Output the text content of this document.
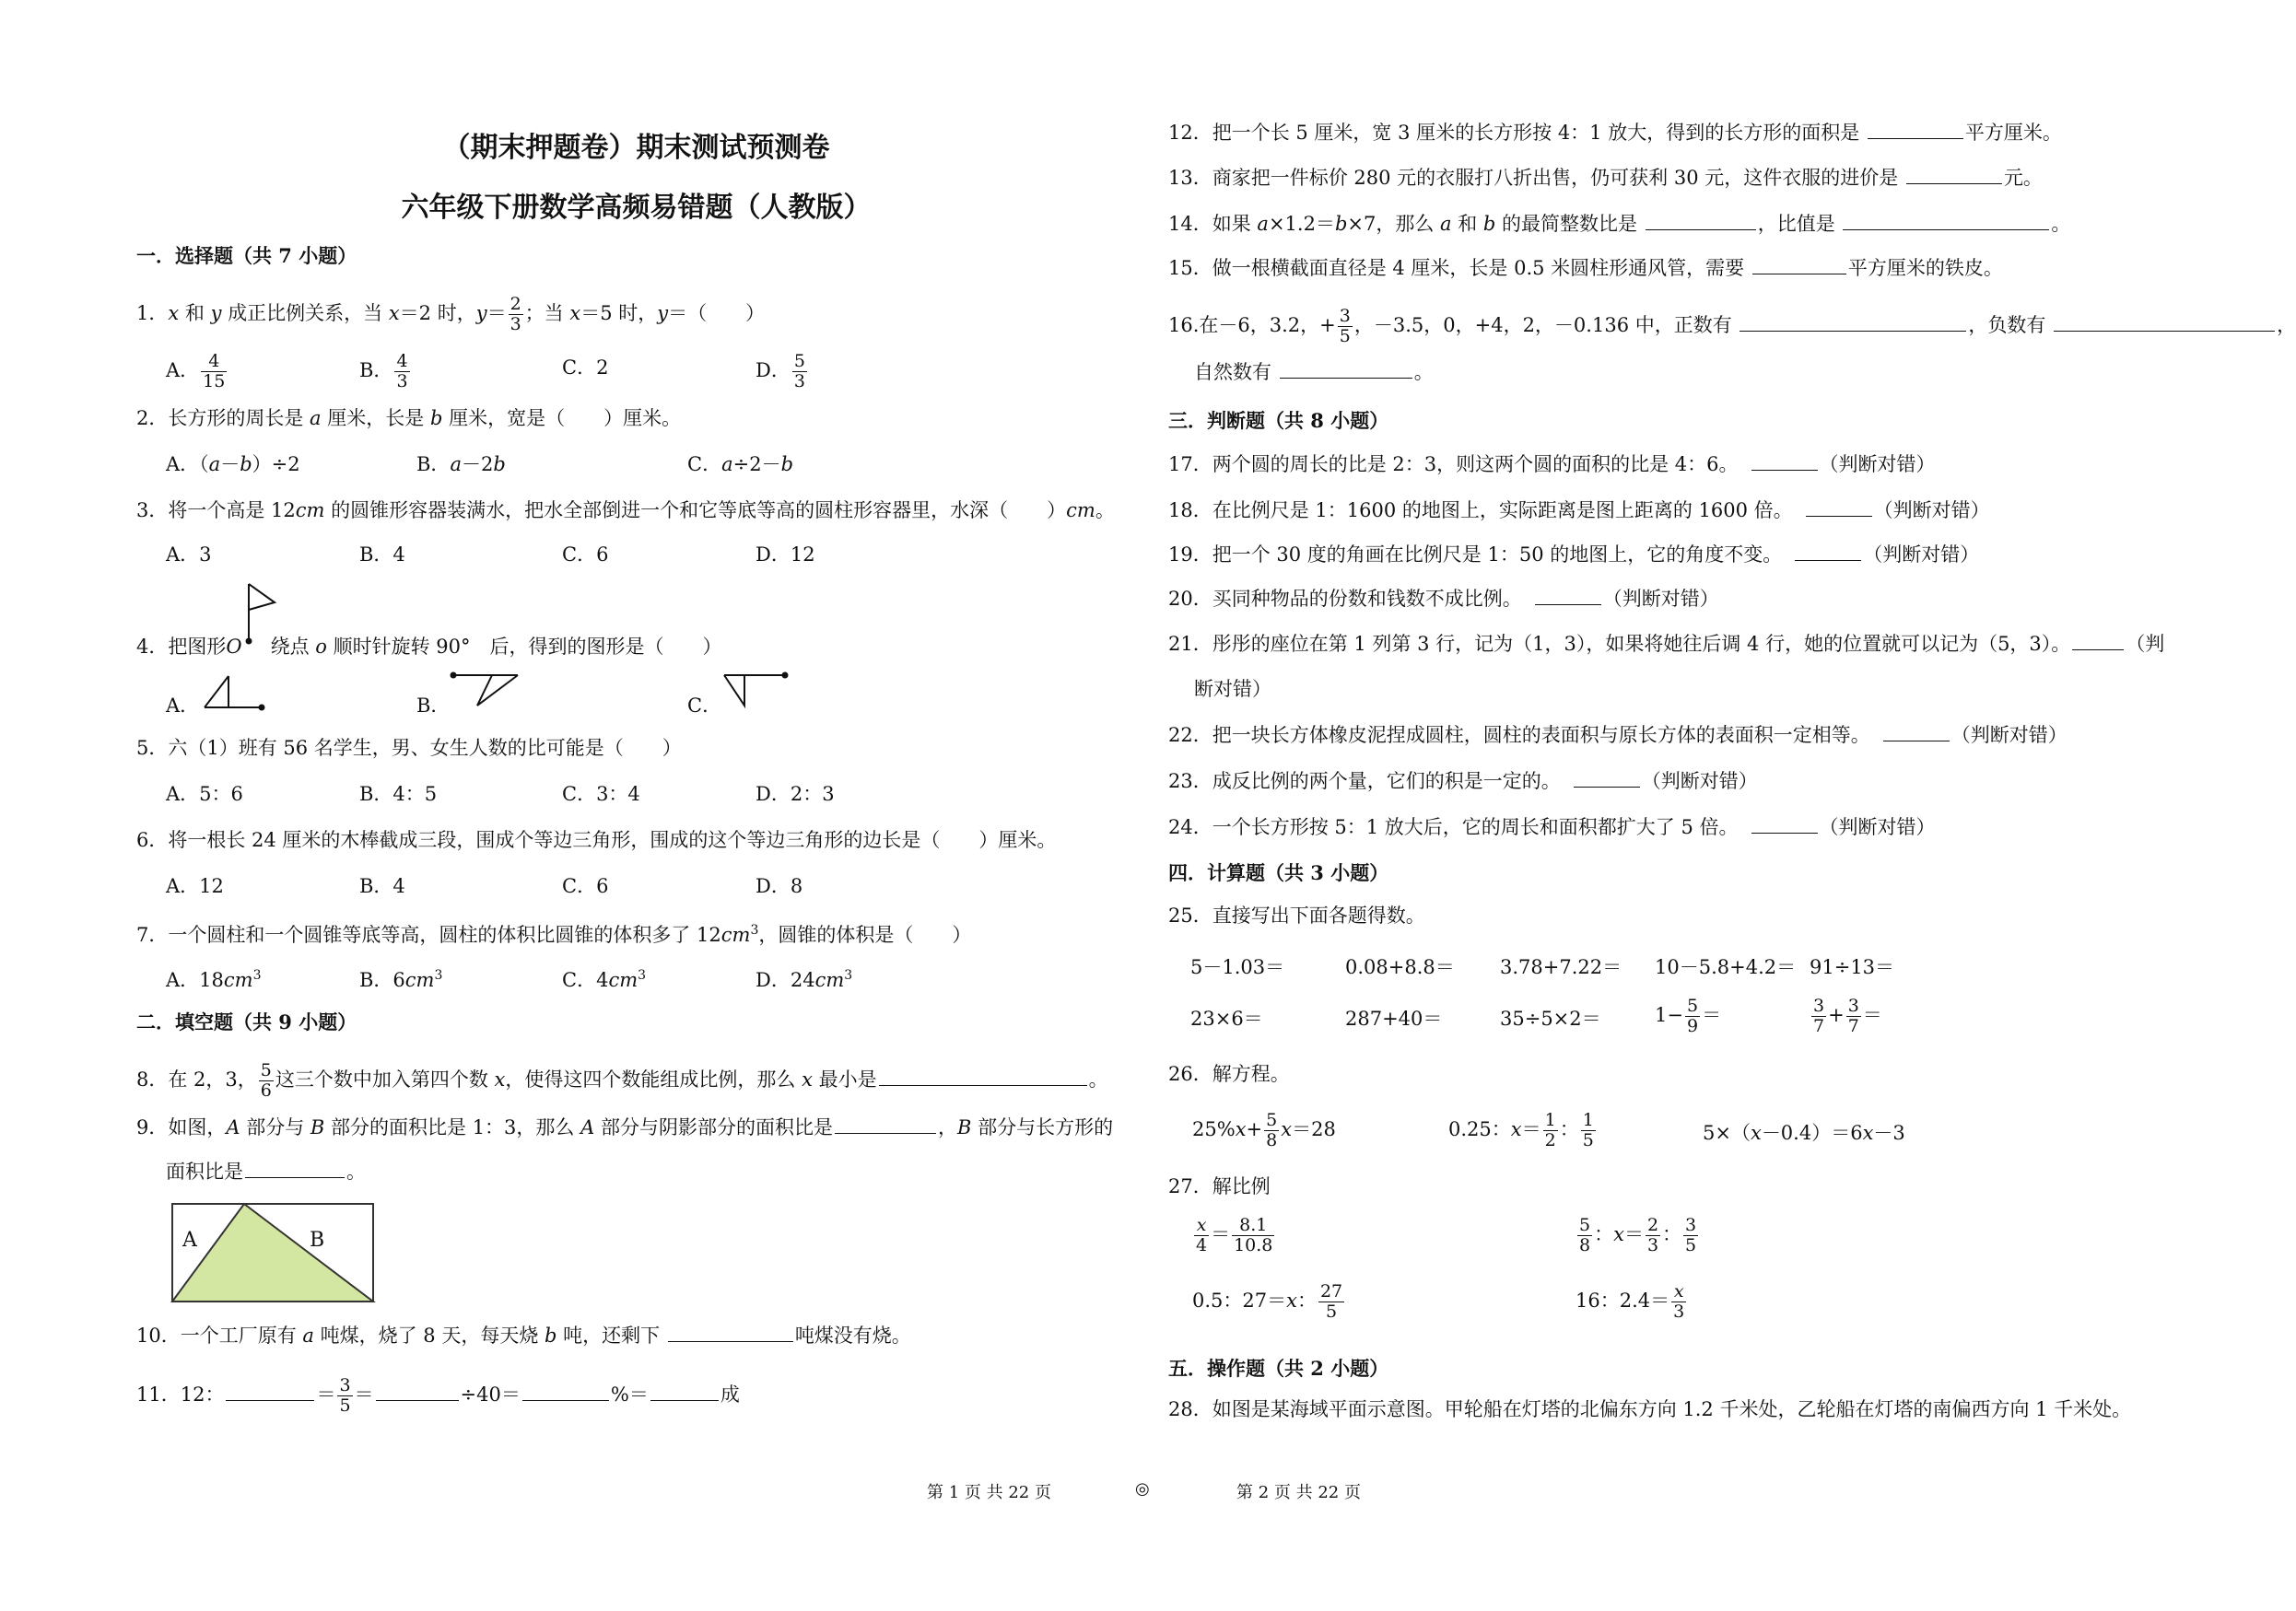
（期末押题卷）期末测试预测卷
六年级下册数学高频易错题（人教版）
一．选择题（共 7 小题）
1．x 和 y 成正比例关系，当 x＝2 时，$y= \frac{2}{3}$ ；当 x＝5 时，y＝（　　）
A． $\frac{4}{15}$	B． $\frac{4}{3}$	C．2	D． $\frac{5}{3}$
2．长方形的周长是 a 厘米，长是 b 厘米，宽是（　　）厘米。
A．（a－b）÷2	B．a－2b	C．a÷2－b
3．将一个高是 12cm 的圆锥形容器装满水，把水全部倒进一个和它等底等高的圆柱形容器里，水深（　　）cm。
A．3	B．4	C．6	D．12
4．把图形O　绕点 o 顺时针旋转 90°　后，得到的图形是（　　）
A．	B．	C．
5．六（1）班有 56 名学生，男、女生人数的比可能是（　　）
A．5：6	B．4：5	C．3：4	D．2：3
6．将一根长 24 厘米的木棒截成三段，围成个等边三角形，围成的这个等边三角形的边长是（　　）厘米。
A．12	B．4	C．6	D．8
7．一个圆柱和一个圆锥等底等高，圆柱的体积比圆锥的体积多了 $12cm^3$，圆锥的体积是（　　）
A．$18cm^3$	B．$6cm^3$	C．$4cm^3$	D．$24cm^3$
二．填空题（共 9 小题）
8．在 2，3， $\frac{5}{6}$ 这三个数中加入第四个数 x，使得这四个数能组成比例，那么 x 最小是	。
9．如图，A 部分与 B 部分的面积比是 1：3，那么 A 部分与阴影部分的面积比是	，B 部分与长方形的
面积比是	。
A	B
10．一个工厂原有 a 吨煤，烧了 8 天，每天烧 b 吨，还剩下	吨煤没有烧。
11．12：	＝ $\frac{3}{5}$ ＝	÷40＝	%＝	成
12．把一个长 5 厘米，宽 3 厘米的长方形按 4：1 放大，得到的长方形的面积是	平方厘米。
13．商家把一件标价 280 元的衣服打八折出售，仍可获利 30 元，这件衣服的进价是	元。
14．如果 a×1.2＝b×7，那么 a 和 b 的最简整数比是	，比值是	。
15．做一根横截面直径是 4 厘米，长是 0.5 米圆柱形通风管，需要	平方厘米的铁皮。
16.在－6，3.2，+ $\frac{3}{5}$ ，－3.5，0，+4，2，－0.136 中，正数有	，负数有	，
自然数有	。
三．判断题（共 8 小题）
17．两个圆的周长的比是 2：3，则这两个圆的面积的比是 4：6。	（判断对错）
18．在比例尺是 1：1600 的地图上，实际距离是图上距离的 1600 倍。	（判断对错）
19．把一个 30 度的角画在比例尺是 1：50 的地图上，它的角度不变。	（判断对错）
20．买同种物品的份数和钱数不成比例。	（判断对错）
21．彤彤的座位在第 1 列第 3 行，记为（1，3），如果将她往后调 4 行，她的位置就可以记为（5，3）。	（判
断对错）
22．把一块长方体橡皮泥捏成圆柱，圆柱的表面积与原长方体的表面积一定相等。	（判断对错）
23．成反比例的两个量，它们的积是一定的。	（判断对错）
24．一个长方形按 5：1 放大后，它的周长和面积都扩大了 5 倍。	（判断对错）
四．计算题（共 3 小题）
25．直接写出下面各题得数。
5－1.03＝	0.08+8.8＝ 3.78+7.22＝ 10－5.8+4.2＝ 91÷13＝
23×6＝	287+40＝	35÷5×2＝	$1- \frac{5}{9}$ ＝	$\frac{3}{7} + \frac{3}{7}$ ＝
26．解方程。
$25\%x+ \frac{5}{8} x=28$	0.25：$x= \frac{1}{2}$ ： $\frac{1}{5}$	5×（x－0.4）＝6x－3
27．解比例
$\frac{x}{4} = \frac{8.1}{10.8}$	$\frac{5}{8}$ ：$x= \frac{2}{3}$ ： $\frac{3}{5}$
0.5：27＝x： $\frac{27}{5}$	16：$2.4= \frac{x}{3}$
五．操作题（共 2 小题）
28．如图是某海域平面示意图。甲轮船在灯塔的北偏东方向 1.2 千米处，乙轮船在灯塔的南偏西方向 1 千米处。
第 1 页 共 22 页	◎	第 2 页 共 22 页
